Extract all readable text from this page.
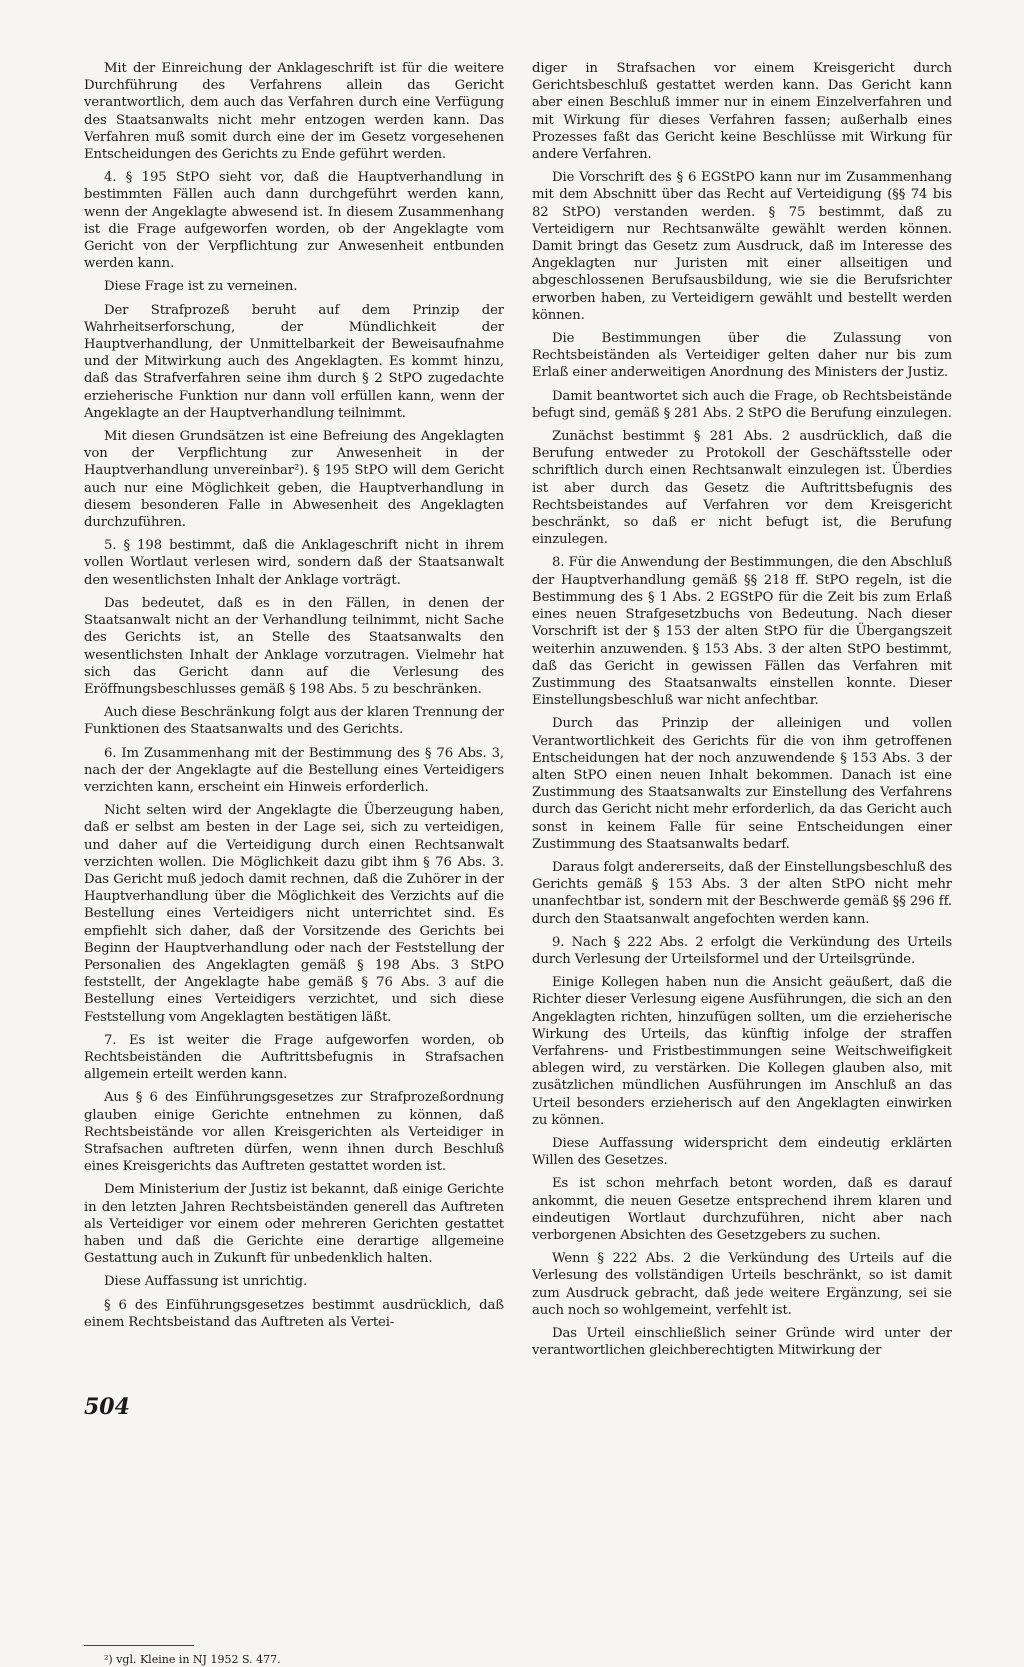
Mit der Einreichung der Anklageschrift ist für die weitere Durchführung des Verfahrens allein das Gericht verantwortlich, dem auch das Verfahren durch eine Verfügung des Staatsanwalts nicht mehr entzogen werden kann. Das Verfahren muß somit durch eine der im Gesetz vorgesehenen Entscheidungen des Gerichts zu Ende geführt werden.

4. § 195 StPO sieht vor, daß die Hauptverhandlung in bestimmten Fällen auch dann durchgeführt werden kann, wenn der Angeklagte abwesend ist. In diesem Zusammenhang ist die Frage aufgeworfen worden, ob der Angeklagte vom Gericht von der Verpflichtung zur Anwesenheit entbunden werden kann.

Diese Frage ist zu verneinen.

Der Strafprozeß beruht auf dem Prinzip der Wahrheitserforschung, der Mündlichkeit der Hauptverhandlung, der Unmittelbarkeit der Beweisaufnahme und der Mitwirkung auch des Angeklagten. Es kommt hinzu, daß das Strafverfahren seine ihm durch § 2 StPO zugedachte erzieherische Funktion nur dann voll erfüllen kann, wenn der Angeklagte an der Hauptverhandlung teilnimmt.

Mit diesen Grundsätzen ist eine Befreiung des Angeklagten von der Verpflichtung zur Anwesenheit in der Hauptverhandlung unvereinbar²). § 195 StPO will dem Gericht auch nur eine Möglichkeit geben, die Hauptverhandlung in diesem besonderen Falle in Abwesenheit des Angeklagten durchzuführen.

5. § 198 bestimmt, daß die Anklageschrift nicht in ihrem vollen Wortlaut verlesen wird, sondern daß der Staatsanwalt den wesentlichsten Inhalt der Anklage vorträgt.

Das bedeutet, daß es in den Fällen, in denen der Staatsanwalt nicht an der Verhandlung teilnimmt, nicht Sache des Gerichts ist, an Stelle des Staatsanwalts den wesentlichsten Inhalt der Anklage vorzutragen. Vielmehr hat sich das Gericht dann auf die Verlesung des Eröffnungsbeschlusses gemäß § 198 Abs. 5 zu beschränken.

Auch diese Beschränkung folgt aus der klaren Trennung der Funktionen des Staatsanwalts und des Gerichts.

6. Im Zusammenhang mit der Bestimmung des § 76 Abs. 3, nach der der Angeklagte auf die Bestellung eines Verteidigers verzichten kann, erscheint ein Hinweis erforderlich.

Nicht selten wird der Angeklagte die Überzeugung haben, daß er selbst am besten in der Lage sei, sich zu verteidigen, und daher auf die Verteidigung durch einen Rechtsanwalt verzichten wollen. Die Möglichkeit dazu gibt ihm § 76 Abs. 3. Das Gericht muß jedoch damit rechnen, daß die Zuhörer in der Hauptverhandlung über die Möglichkeit des Verzichts auf die Bestellung eines Verteidigers nicht unterrichtet sind. Es empfiehlt sich daher, daß der Vorsitzende des Gerichts bei Beginn der Hauptverhandlung oder nach der Feststellung der Personalien des Angeklagten gemäß § 198 Abs. 3 StPO feststellt, der Angeklagte habe gemäß § 76 Abs. 3 auf die Bestellung eines Verteidigers verzichtet, und sich diese Feststellung vom Angeklagten bestätigen läßt.

7. Es ist weiter die Frage aufgeworfen worden, ob Rechtsbeiständen die Auftrittsbefugnis in Strafsachen allgemein erteilt werden kann.

Aus § 6 des Einführungsgesetzes zur Strafprozeßordnung glauben einige Gerichte entnehmen zu können, daß Rechtsbeistände vor allen Kreisgerichten als Verteidiger in Strafsachen auftreten dürfen, wenn ihnen durch Beschluß eines Kreisgerichts das Auftreten gestattet worden ist.

Dem Ministerium der Justiz ist bekannt, daß einige Gerichte in den letzten Jahren Rechtsbeiständen generell das Auftreten als Verteidiger vor einem oder mehreren Gerichten gestattet haben und daß die Gerichte eine derartige allgemeine Gestattung auch in Zukunft für unbedenklich halten.

Diese Auffassung ist unrichtig.

§ 6 des Einführungsgesetzes bestimmt ausdrücklich, daß einem Rechtsbeistand das Auftreten als Vertei-

diger in Strafsachen vor einem Kreisgericht durch Gerichtsbeschluß gestattet werden kann. Das Gericht kann aber einen Beschluß immer nur in einem Einzelverfahren und mit Wirkung für dieses Verfahren fassen; außerhalb eines Prozesses faßt das Gericht keine Beschlüsse mit Wirkung für andere Verfahren.

Die Vorschrift des § 6 EGStPO kann nur im Zusammenhang mit dem Abschnitt über das Recht auf Verteidigung (§§ 74 bis 82 StPO) verstanden werden. § 75 bestimmt, daß zu Verteidigern nur Rechtsanwälte gewählt werden können. Damit bringt das Gesetz zum Ausdruck, daß im Interesse des Angeklagten nur Juristen mit einer allseitigen und abgeschlossenen Berufsausbildung, wie sie die Berufsrichter erworben haben, zu Verteidigern gewählt und bestellt werden können.

Die Bestimmungen über die Zulassung von Rechtsbeiständen als Verteidiger gelten daher nur bis zum Erlaß einer anderweitigen Anordnung des Ministers der Justiz.

Damit beantwortet sich auch die Frage, ob Rechtsbeistände befugt sind, gemäß § 281 Abs. 2 StPO die Berufung einzulegen.

Zunächst bestimmt § 281 Abs. 2 ausdrücklich, daß die Berufung entweder zu Protokoll der Geschäftsstelle oder schriftlich durch einen Rechtsanwalt einzulegen ist. Überdies ist aber durch das Gesetz die Auftrittsbefugnis des Rechtsbeistandes auf Verfahren vor dem Kreisgericht beschränkt, so daß er nicht befugt ist, die Berufung einzulegen.

8. Für die Anwendung der Bestimmungen, die den Abschluß der Hauptverhandlung gemäß §§ 218 ff. StPO regeln, ist die Bestimmung des § 1 Abs. 2 EGStPO für die Zeit bis zum Erlaß eines neuen Strafgesetzbuchs von Bedeutung. Nach dieser Vorschrift ist der § 153 der alten StPO für die Übergangszeit weiterhin anzuwenden. § 153 Abs. 3 der alten StPO bestimmt, daß das Gericht in gewissen Fällen das Verfahren mit Zustimmung des Staatsanwalts einstellen konnte. Dieser Einstellungsbeschluß war nicht anfechtbar.

Durch das Prinzip der alleinigen und vollen Verantwortlichkeit des Gerichts für die von ihm getroffenen Entscheidungen hat der noch anzuwendende § 153 Abs. 3 der alten StPO einen neuen Inhalt bekommen. Danach ist eine Zustimmung des Staatsanwalts zur Einstellung des Verfahrens durch das Gericht nicht mehr erforderlich, da das Gericht auch sonst in keinem Falle für seine Entscheidungen einer Zustimmung des Staatsanwalts bedarf.

Daraus folgt andererseits, daß der Einstellungsbeschluß des Gerichts gemäß § 153 Abs. 3 der alten StPO nicht mehr unanfechtbar ist, sondern mit der Beschwerde gemäß §§ 296 ff. durch den Staatsanwalt angefochten werden kann.

9. Nach § 222 Abs. 2 erfolgt die Verkündung des Urteils durch Verlesung der Urteilsformel und der Urteilsgründe.

Einige Kollegen haben nun die Ansicht geäußert, daß die Richter dieser Verlesung eigene Ausführungen, die sich an den Angeklagten richten, hinzufügen sollten, um die erzieherische Wirkung des Urteils, das künftig infolge der straffen Verfahrens- und Fristbestimmungen seine Weitschweifigkeit ablegen wird, zu verstärken. Die Kollegen glauben also, mit zusätzlichen mündlichen Ausführungen im Anschluß an das Urteil besonders erzieherisch auf den Angeklagten einwirken zu können.

Diese Auffassung widerspricht dem eindeutig erklärten Willen des Gesetzes.

Es ist schon mehrfach betont worden, daß es darauf ankommt, die neuen Gesetze entsprechend ihrem klaren und eindeutigen Wortlaut durchzuführen, nicht aber nach verborgenen Absichten des Gesetzgebers zu suchen.

Wenn § 222 Abs. 2 die Verkündung des Urteils auf die Verlesung des vollständigen Urteils beschränkt, so ist damit zum Ausdruck gebracht, daß jede weitere Ergänzung, sei sie auch noch so wohlgemeint, verfehlt ist.

Das Urteil einschließlich seiner Gründe wird unter der verantwortlichen gleichberechtigten Mitwirkung der

²) vgl. Kleine in NJ 1952 S. 477.
504
